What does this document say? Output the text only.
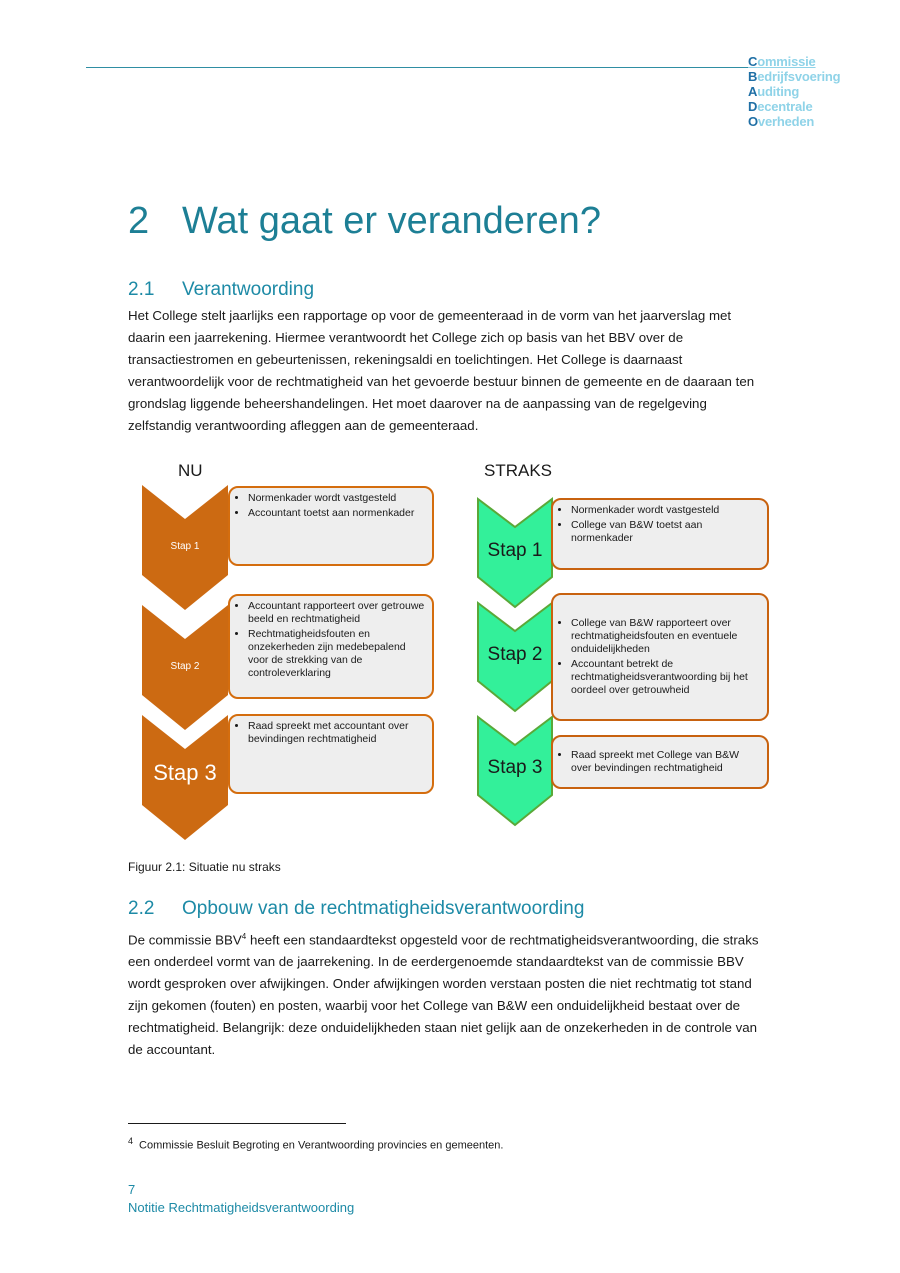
Commissie
Bedrijfsvoering
Auditing
Decentrale
Overheden
2 Wat gaat er veranderen?
2.1 Verantwoording
Het College stelt jaarlijks een rapportage op voor de gemeenteraad in de vorm van het jaarverslag met daarin een jaarrekening. Hiermee verantwoordt het College zich op basis van het BBV over de transactiestromen en gebeurtenissen, rekeningsaldi en toelichtingen. Het College is daarnaast verantwoordelijk voor de rechtmatigheid van het gevoerde bestuur binnen de gemeente en de daaraan ten grondslag liggende beheershandelingen. Het moet daarover na de aanpassing van de regelgeving zelfstandig verantwoording afleggen aan de gemeenteraad.
NU	STRAKS
Stap 1
Stap 2
Stap 3
Stap 1
Stap 2
Stap 3
• Normenkader wordt vastgesteld
• Accountant toetst aan normenkader
• Accountant rapporteert over getrouwe beeld en rechtmatigheid
• Rechtmatigheidsfouten en onzekerheden zijn medebepalend voor de strekking van de controleverklaring
• Raad spreekt met accountant over bevindingen rechtmatigheid
• Normenkader wordt vastgesteld
• College van B&W toetst aan normenkader
• College van B&W rapporteert over rechtmatigheidsfouten en eventuele onduidelijkheden
• Accountant betrekt de rechtmatigheidsverantwoording bij het oordeel over getrouwheid
• Raad spreekt met College van B&W over bevindingen rechtmatigheid
Figuur 2.1: Situatie nu straks
2.2 Opbouw van de rechtmatigheidsverantwoording
De commissie BBV$^4$ heeft een standaardtekst opgesteld voor de rechtmatigheidsverantwoording, die straks een onderdeel vormt van de jaarrekening. In de eerdergenoemde standaardtekst van de commissie BBV wordt gesproken over afwijkingen. Onder afwijkingen worden verstaan posten die niet rechtmatig tot stand zijn gekomen (fouten) en posten, waarbij voor het College van B&W een onduidelijkheid bestaat over de rechtmatigheid. Belangrijk: deze onduidelijkheden staan niet gelijk aan de onzekerheden in de controle van de accountant.
$^4$ Commissie Besluit Begroting en Verantwoording provincies en gemeenten.
7
Notitie Rechtmatigheidsverantwoording
